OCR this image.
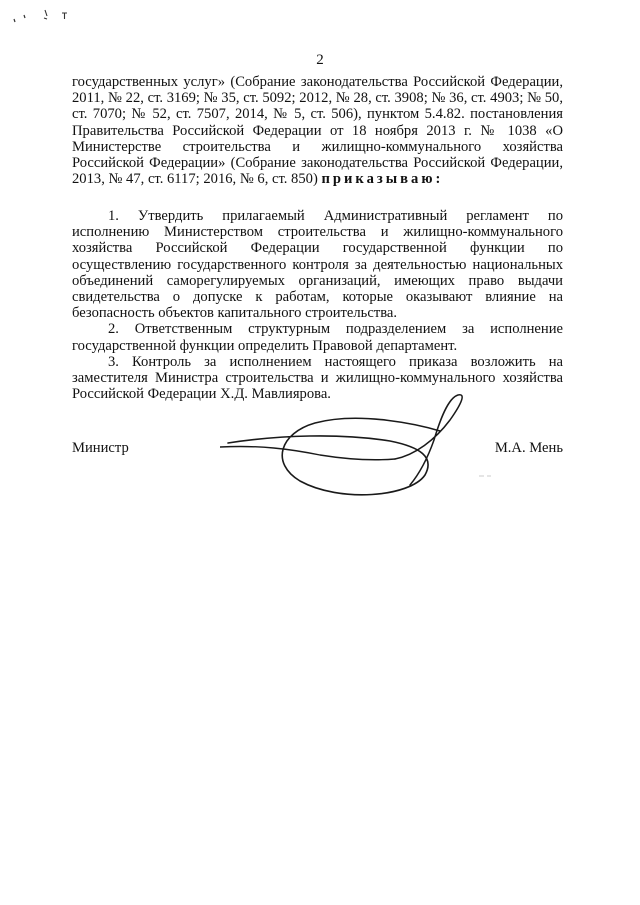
2

государственных услуг» (Собрание законодательства Российской Федерации, 2011, № 22, ст. 3169; № 35, ст. 5092; 2012, № 28, ст. 3908; № 36, ст. 4903; № 50, ст. 7070; № 52, ст. 7507, 2014, № 5, ст. 506), пунктом 5.4.82. постановления Правительства Российской Федерации от 18 ноября 2013 г. № 1038 «О Министерстве строительства и жилищно-коммунального хозяйства Российской Федерации» (Собрание законодательства Российской Федерации, 2013, № 47, ст. 6117; 2016, № 6, ст. 850) приказываю:

1. Утвердить прилагаемый Административный регламент по исполнению Министерством строительства и жилищно-коммунального хозяйства Российской Федерации государственной функции по осуществлению государственного контроля за деятельностью национальных объединений саморегулируемых организаций, имеющих право выдачи свидетельства о допуске к работам, которые оказывают влияние на безопасность объектов капитального строительства.

2. Ответственным структурным подразделением за исполнение государственной функции определить Правовой департамент.

3. Контроль за исполнением настоящего приказа возложить на заместителя Министра строительства и жилищно-коммунального хозяйства Российской Федерации Х.Д. Мавлиярова.

Министр	М.А. Мень
